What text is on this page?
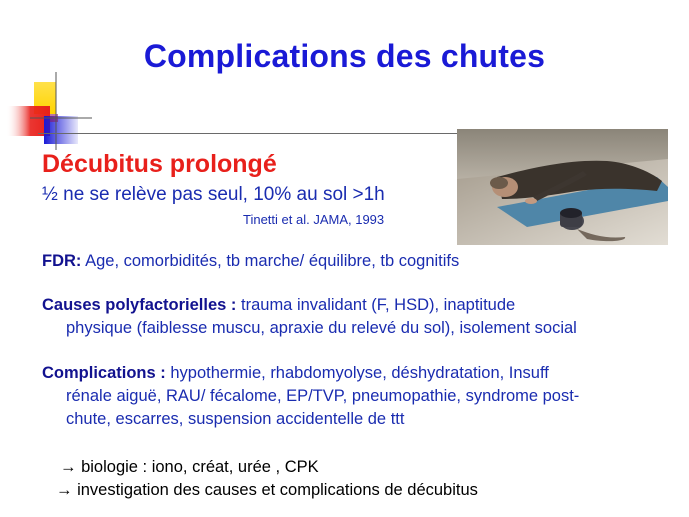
Complications des chutes
Décubitus prolongé

½ ne se relève pas seul, 10% au sol >1h

Tinetti et al. JAMA, 1993

FDR: Age, comorbidités, tb marche/ équilibre, tb cognitifs

Causes polyfactorielles : trauma invalidant (F, HSD), inaptitude

physique (faiblesse muscu, apraxie du relevé du sol), isolement social

Complications : hypothermie, rhabdomyolyse, déshydratation, Insuff

rénale aiguë, RAU/ fécalome, EP/TVP, pneumopathie, syndrome post-

chute, escarres, suspension accidentelle de ttt

→ biologie : iono, créat, urée , CPK

→ investigation des causes et complications de décubitus
